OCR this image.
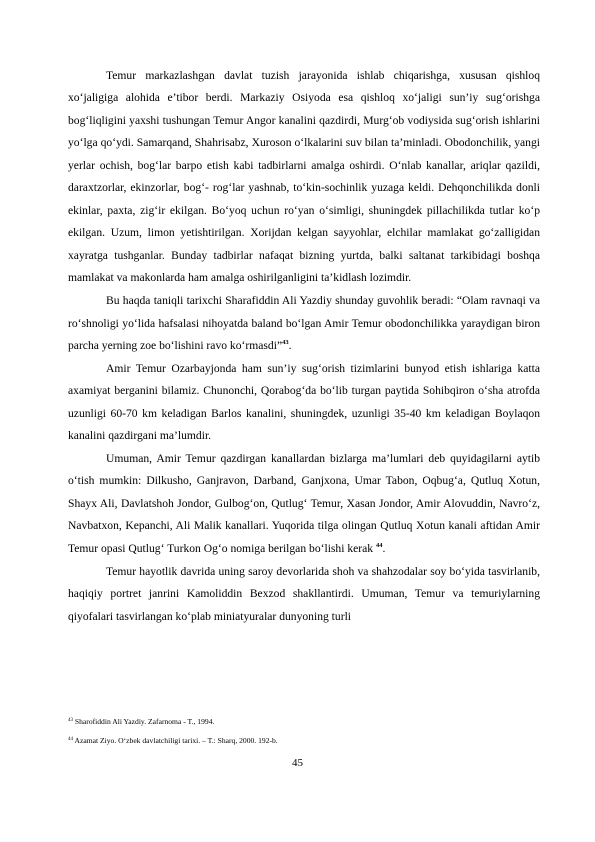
Temur markazlashgan davlat tuzish jarayonida ishlab chiqarishga, xususan qishloq xo‘jaligiga alohida e’tibor berdi. Markaziy Osiyoda esa qishloq xo‘jaligi sun’iy sug‘orishga bog‘liqligini yaxshi tushungan Temur Angor kanalini qazdirdi, Murg‘ob vodiysida sug‘orish ishlarini yo‘lga qo‘ydi. Samarqand, Shahrisabz, Xuroson o‘lkalarini suv bilan ta’minladi. Obodonchilik, yangi yerlar ochish, bog‘lar barpo etish kabi tadbirlarni amalga oshirdi. O‘nlab kanallar, ariqlar qazildi, daraxtzorlar, ekinzorlar, bog‘- rog‘lar yashnab, to‘kin-sochinlik yuzaga keldi. Dehqonchilikda donli ekinlar, paxta, zig‘ir ekilgan. Bo‘yoq uchun ro‘yan o‘simligi, shuningdek pillachilikda tutlar ko‘p ekilgan. Uzum, limon yetishtirilgan. Xorijdan kelgan sayyohlar, elchilar mamlakat go‘zalligidan xayratga tushganlar. Bunday tadbirlar nafaqat bizning yurtda, balki saltanat tarkibidagi boshqa mamlakat va makonlarda ham amalga oshirilganligini ta’kidlash lozimdir.

Bu haqda taniqli tarixchi Sharafiddin Ali Yazdiy shunday guvohlik beradi: “Olam ravnaqi va ro‘shnoligi yo‘lida hafsalasi nihoyatda baland bo‘lgan Amir Temur obodonchilikka yaraydigan biron parcha yerning zoe bo‘lishini ravo ko‘rmasdi”$^{43}$.

Amir Temur Ozarbayjonda ham sun’iy sug‘orish tizimlarini bunyod etish ishlariga katta axamiyat berganini bilamiz. Chunonchi, Qorabog‘da bo‘lib turgan paytida Sohibqiron o‘sha atrofda uzunligi 60-70 km keladigan Barlos kanalini, shuningdek, uzunligi 35-40 km keladigan Boylaqon kanalini qazdirgani ma’lumdir.

Umuman, Amir Temur qazdirgan kanallardan bizlarga ma’lumlari deb quyidagilarni aytib o‘tish mumkin: Dilkusho, Ganjravon, Darband, Ganjxona, Umar Tabon, Oqbug‘a, Qutluq Xotun, Shayx Ali, Davlatshoh Jondor, Gulbog‘on, Qutlug‘ Temur, Xasan Jondor, Amir Alovuddin, Navro‘z, Navbatxon, Kepanchi, Ali Malik kanallari. Yuqorida tilga olingan Qutluq Xotun kanali aftidan Amir Temur opasi Qutlug‘ Turkon Og‘o nomiga berilgan bo‘lishi kerak $^{44}$.

Temur hayotlik davrida uning saroy devorlarida shoh va shahzodalar soy bo‘yida tasvirlanib, haqiqiy portret janrini Kamoliddin Bexzod shakllantirdi. Umuman, Temur va temuriylarning qiyofalari tasvirlangan ko‘plab miniatyuralar dunyoning turli

$^{43}$ Sharofiddin Ali Yazdiy. Zafarnoma - T., 1994.

$^{44}$ Azamat Ziyo. O‘zbek davlatchiligi tarixi. – T.: Sharq, 2000. 192-b.

45
